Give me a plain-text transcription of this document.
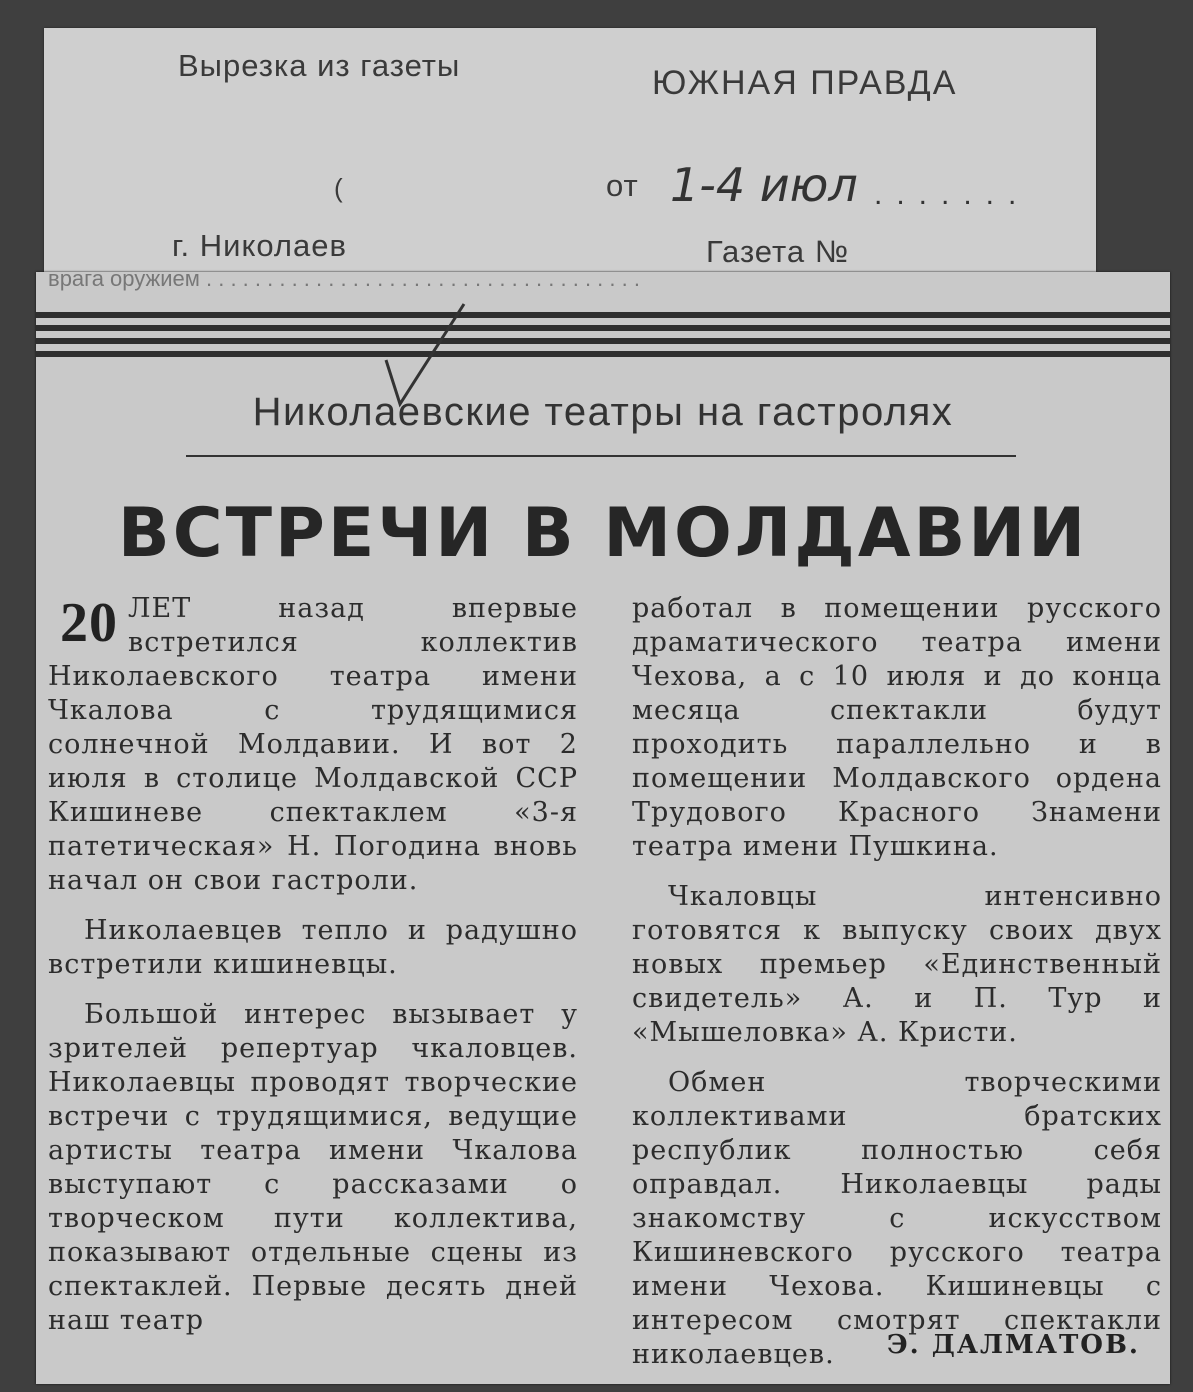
Вырезка из газеты	ЮЖНАЯ ПРАВДА
(	от 1-4 июл .......
г. Николаев	Газета №
врага оружием . . . . . . . . . . . . . . . . . . . . . . . . . . . . . . . . . . . .
Николаевские театры на гастролях
ВСТРЕЧИ В МОЛДАВИИ

20 ЛЕТ назад впервые встретился коллектив Николаевского театра имени Чкалова с трудящимися солнечной Молдавии. И вот 2 июля в столице Молдавской ССР Кишиневе спектаклем «3-я патетическая» Н. Погодина вновь начал он свои гастроли.

Николаевцев тепло и радушно встретили кишиневцы.

Большой интерес вызывает у зрителей репертуар чкаловцев. Николаевцы проводят творческие встречи с трудящимися, ведущие артисты театра имени Чкалова выступают с рассказами о творческом пути коллектива, показывают отдельные сцены из спектаклей. Первые десять дней наш театр

работал в помещении русского драматического театра имени Чехова, а с 10 июля и до конца месяца спектакли будут проходить параллельно и в помещении Молдавского ордена Трудового Красного Знамени театра имени Пушкина.

Чкаловцы интенсивно готовятся к выпуску своих двух новых премьер «Единственный свидетель» А. и П. Тур и «Мышеловка» А. Кристи.

Обмен творческими коллективами братских республик полностью себя оправдал. Николаевцы рады знакомству с искусством Кишиневского русского театра имени Чехова. Кишиневцы с интересом смотрят спектакли николаевцев.	Э. ДАЛМАТОВ.
